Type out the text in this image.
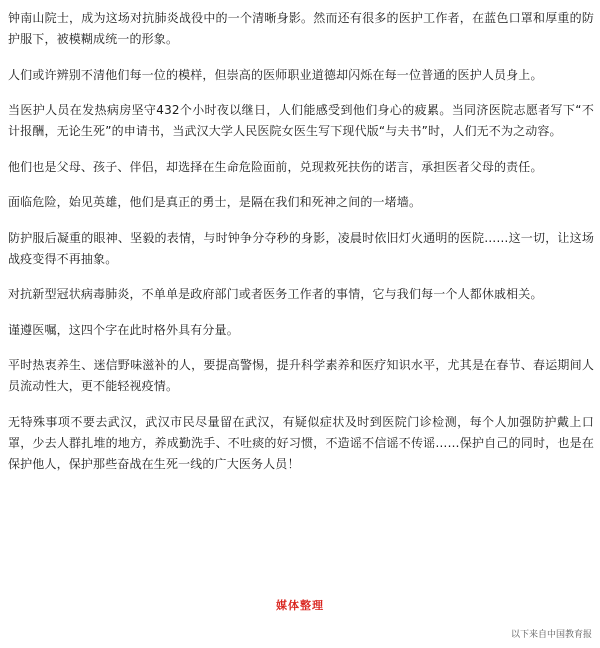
钟南山院士，成为这场对抗肺炎战役中的一个清晰身影。然而还有很多的医护工作者，在蓝色口罩和厚重的防护服下，被模糊成统一的形象。

人们或许辨别不清他们每一位的模样，但崇高的医师职业道德却闪烁在每一位普通的医护人员身上。

当医护人员在发热病房坚守432个小时夜以继日，人们能感受到他们身心的疲累。当同济医院志愿者写下“不计报酬，无论生死”的申请书，当武汉大学人民医院女医生写下现代版“与夫书”时，人们无不为之动容。

他们也是父母、孩子、伴侣，却选择在生命危险面前，兑现救死扶伤的诺言，承担医者父母的责任。

面临危险，始见英雄，他们是真正的勇士，是隔在我们和死神之间的一堵墙。

防护服后凝重的眼神、坚毅的表情，与时钟争分夺秒的身影，凌晨时依旧灯火通明的医院……这一切，让这场战疫变得不再抽象。

对抗新型冠状病毒肺炎，不单单是政府部门或者医务工作者的事情，它与我们每一个人都休戚相关。

谨遵医嘱，这四个字在此时格外具有分量。

平时热衷养生、迷信野味滋补的人，要提高警惕，提升科学素养和医疗知识水平，尤其是在春节、春运期间人员流动性大，更不能轻视疫情。

无特殊事项不要去武汉，武汉市民尽量留在武汉，有疑似症状及时到医院门诊检测，每个人加强防护戴上口罩，少去人群扎堆的地方，养成勤洗手、不吐痰的好习惯，不造谣不信谣不传谣……保护自己的同时，也是在保护他人，保护那些奋战在生死一线的广大医务人员！

媒体整理
以下来自中国教育报
